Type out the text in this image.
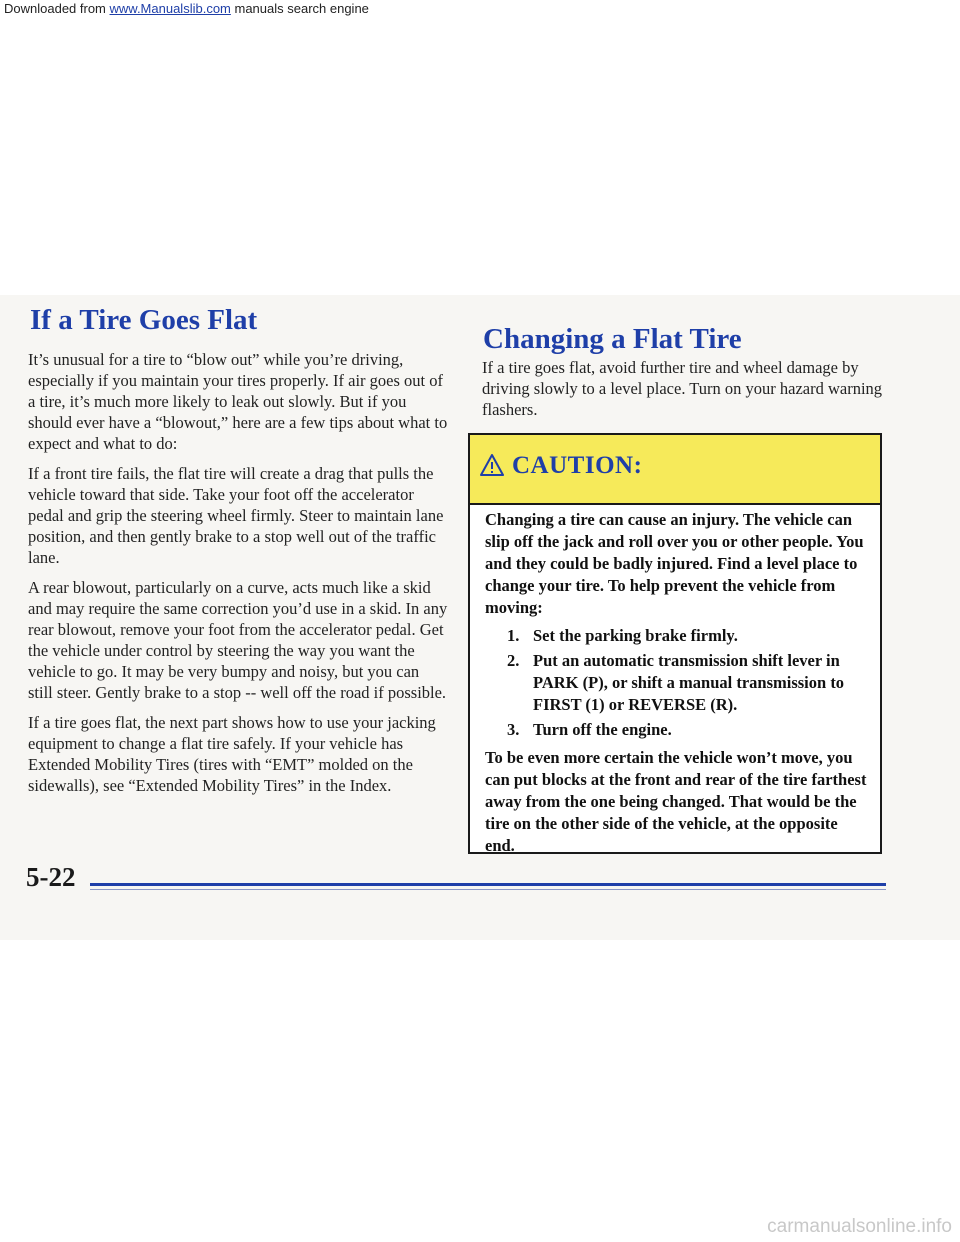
Downloaded from www.Manualslib.com manuals search engine
If a Tire Goes Flat
Changing a Flat Tire

It’s unusual for a tire to “blow out” while you’re driving, especially if you maintain your tires properly. If air goes out of a tire, it’s much more likely to leak out slowly. But if you should ever have a “blowout,” here are a few tips about what to expect and what to do:

If a front tire fails, the flat tire will create a drag that pulls the vehicle toward that side. Take your foot off the accelerator pedal and grip the steering wheel firmly. Steer to maintain lane position, and then gently brake to a stop well out of the traffic lane.

A rear blowout, particularly on a curve, acts much like a skid and may require the same correction you’d use in a skid. In any rear blowout, remove your foot from the accelerator pedal. Get the vehicle under control by steering the way you want the vehicle to go. It may be very bumpy and noisy, but you can still steer. Gently brake to a stop -- well off the road if possible.

If a tire goes flat, the next part shows how to use your jacking equipment to change a flat tire safely. If your vehicle has Extended Mobility Tires (tires with “EMT” molded on the sidewalls), see “Extended Mobility Tires” in the Index.

If a tire goes flat, avoid further tire and wheel damage by driving slowly to a level place. Turn on your hazard warning flashers.

CAUTION:

Changing a tire can cause an injury. The vehicle can slip off the jack and roll over you or other people. You and they could be badly injured. Find a level place to change your tire. To help prevent the vehicle from moving:

1. Set the parking brake firmly.
2. Put an automatic transmission shift lever in PARK (P), or shift a manual transmission to FIRST (1) or REVERSE (R).
3. Turn off the engine.

To be even more certain the vehicle won’t move, you can put blocks at the front and rear of the tire farthest away from the one being changed. That would be the tire on the other side of the vehicle, at the opposite end.

5-22
carmanualsonline.info
